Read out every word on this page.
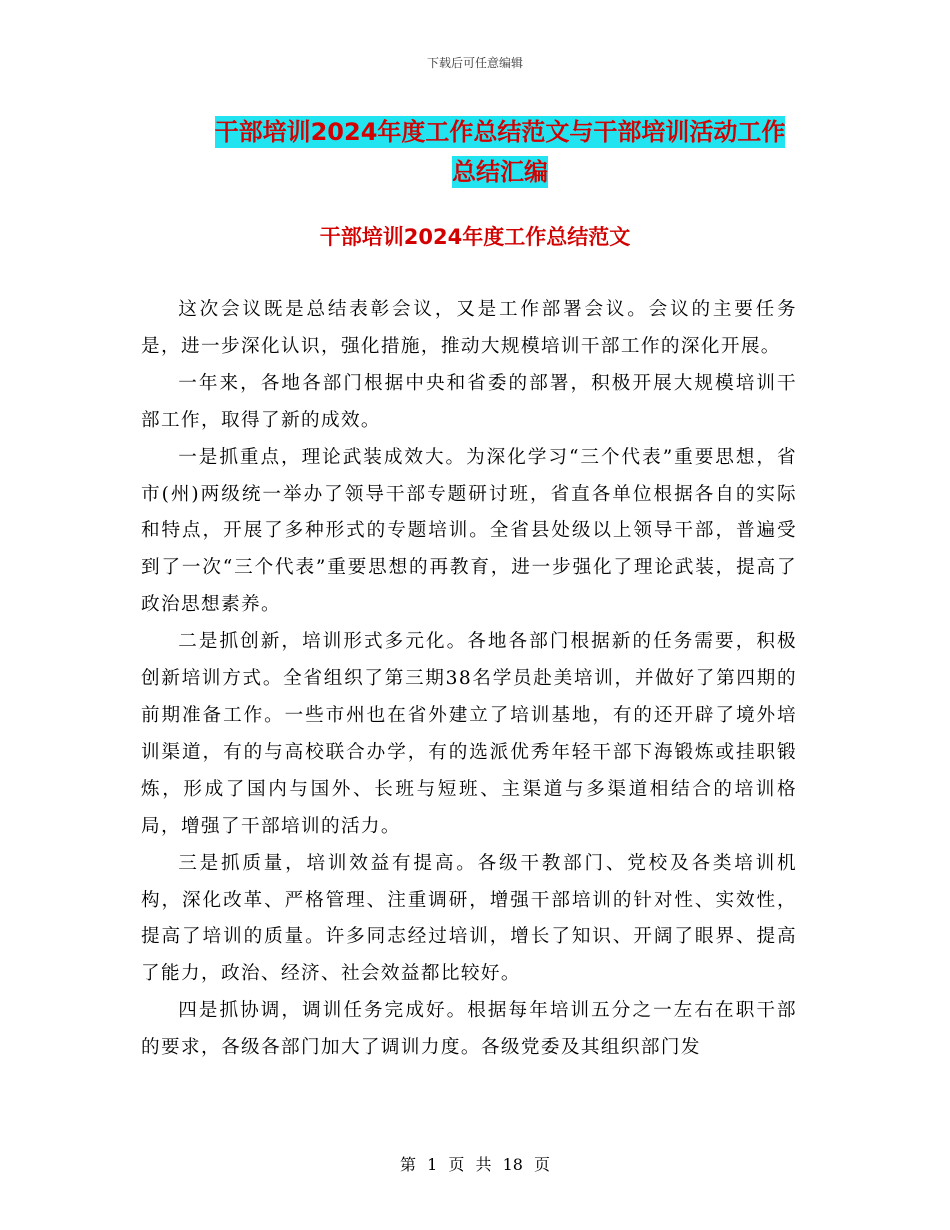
下载后可任意编辑
干部培训2024年度工作总结范文与干部培训活动工作
总结汇编
干部培训2024年度工作总结范文

这次会议既是总结表彰会议，又是工作部署会议。会议的主要任务是，进一步深化认识，强化措施，推动大规模培训干部工作的深化开展。

一年来，各地各部门根据中央和省委的部署，积极开展大规模培训干部工作，取得了新的成效。

一是抓重点，理论武装成效大。为深化学习“三个代表”重要思想，省市(州)两级统一举办了领导干部专题研讨班，省直各单位根据各自的实际和特点，开展了多种形式的专题培训。全省县处级以上领导干部，普遍受到了一次“三个代表”重要思想的再教育，进一步强化了理论武装，提高了政治思想素养。

二是抓创新，培训形式多元化。各地各部门根据新的任务需要，积极创新培训方式。全省组织了第三期38名学员赴美培训，并做好了第四期的前期准备工作。一些市州也在省外建立了培训基地，有的还开辟了境外培训渠道，有的与高校联合办学，有的选派优秀年轻干部下海锻炼或挂职锻炼，形成了国内与国外、长班与短班、主渠道与多渠道相结合的培训格局，增强了干部培训的活力。

三是抓质量，培训效益有提高。各级干教部门、党校及各类培训机构，深化改革、严格管理、注重调研，增强干部培训的针对性、实效性，提高了培训的质量。许多同志经过培训，增长了知识、开阔了眼界、提高了能力，政治、经济、社会效益都比较好。

四是抓协调，调训任务完成好。根据每年培训五分之一左右在职干部的要求，各级各部门加大了调训力度。各级党委及其组织部门发

第 1 页 共 18 页
